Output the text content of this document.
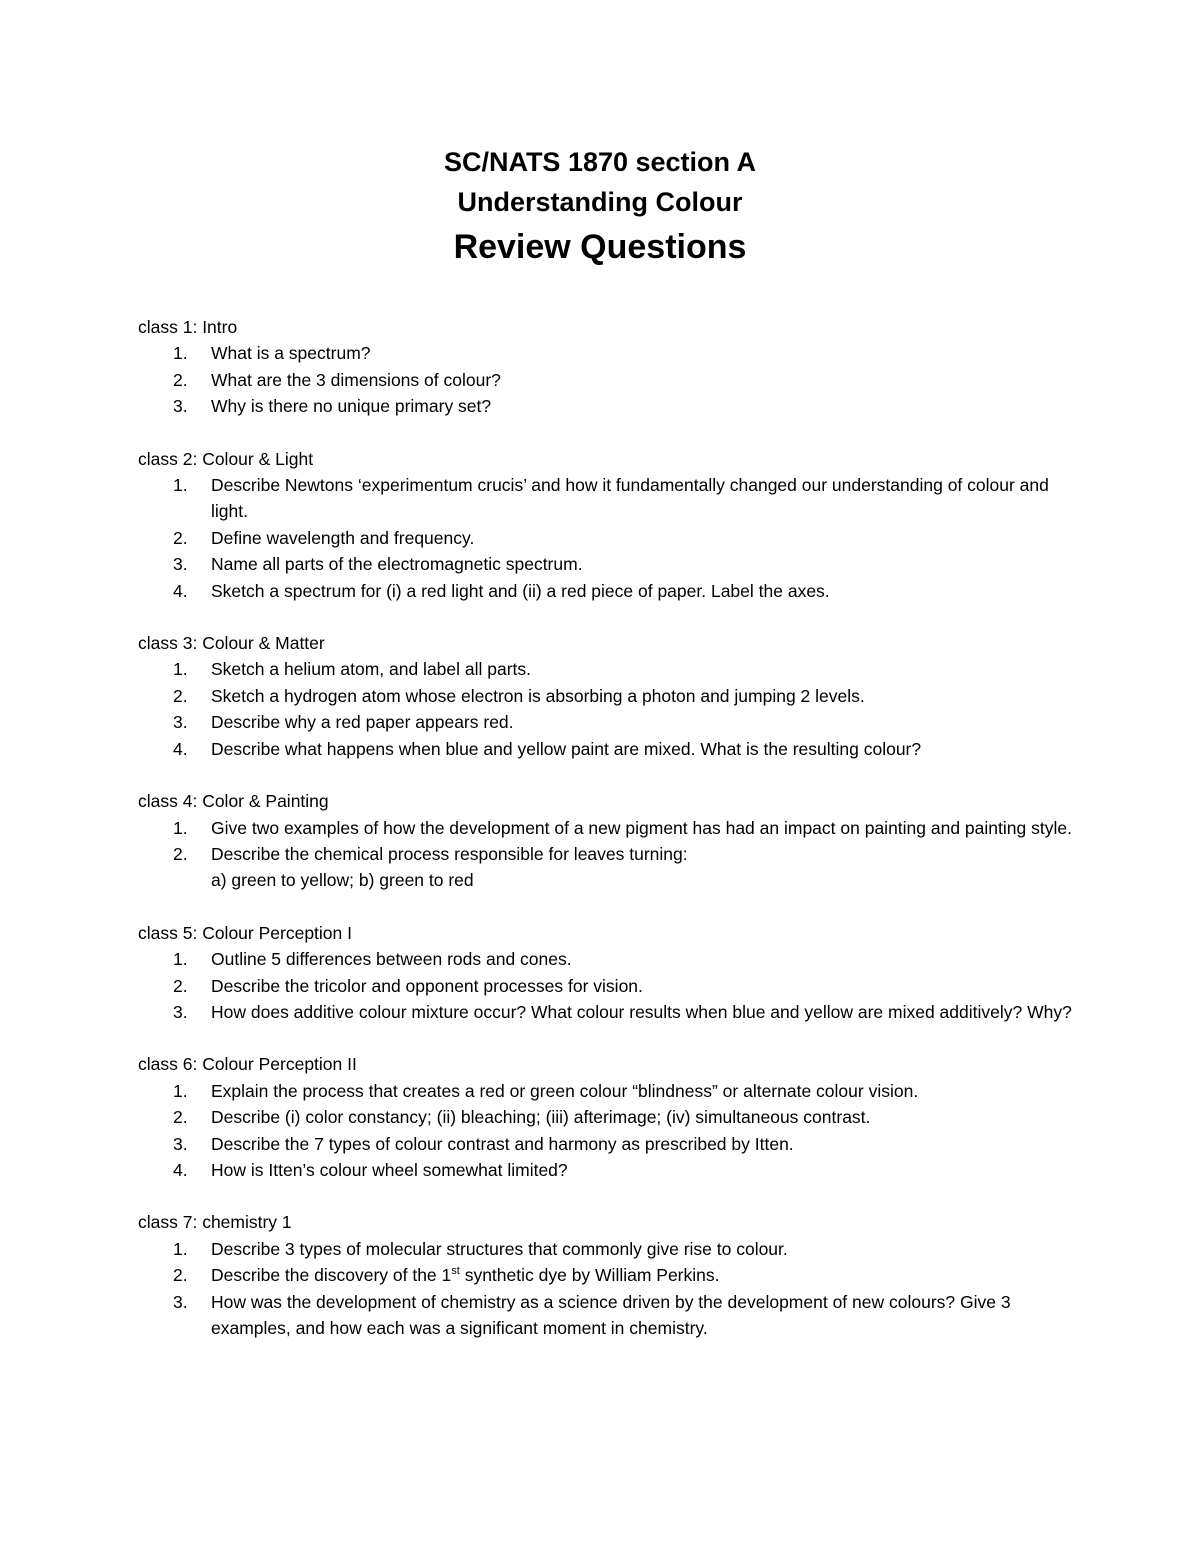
SC/NATS 1870 section A

Understanding Colour

Review Questions

class 1: Intro

1. What is a spectrum?
2. What are the 3 dimensions of colour?
3. Why is there no unique primary set?

class 2: Colour & Light

1. Describe Newtons ‘experimentum crucis’ and how it fundamentally changed our understanding of colour and light.
2. Define wavelength and frequency.
3. Name all parts of the electromagnetic spectrum.
4. Sketch a spectrum for (i) a red light and (ii) a red piece of paper. Label the axes.

class 3: Colour & Matter

1. Sketch a helium atom, and label all parts.
2. Sketch a hydrogen atom whose electron is absorbing a photon and jumping 2 levels.
3. Describe why a red paper appears red.
4. Describe what happens when blue and yellow paint are mixed. What is the resulting colour?

class 4: Color & Painting

1. Give two examples of how the development of a new pigment has had an impact on painting and painting style.
2. Describe the chemical process responsible for leaves turning:
a) green to yellow; b) green to red

class 5: Colour Perception I

1. Outline 5 differences between rods and cones.
2. Describe the tricolor and opponent processes for vision.
3. How does additive colour mixture occur? What colour results when blue and yellow are mixed additively? Why?

class 6: Colour Perception II

1. Explain the process that creates a red or green colour “blindness” or alternate colour vision.
2. Describe (i) color constancy; (ii) bleaching; (iii) afterimage; (iv) simultaneous contrast.
3. Describe the 7 types of colour contrast and harmony as prescribed by Itten.
4. How is Itten’s colour wheel somewhat limited?

class 7: chemistry 1

1. Describe 3 types of molecular structures that commonly give rise to colour.
2. Describe the discovery of the 1st synthetic dye by William Perkins.
3. How was the development of chemistry as a science driven by the development of new colours? Give 3 examples, and how each was a significant moment in chemistry.
